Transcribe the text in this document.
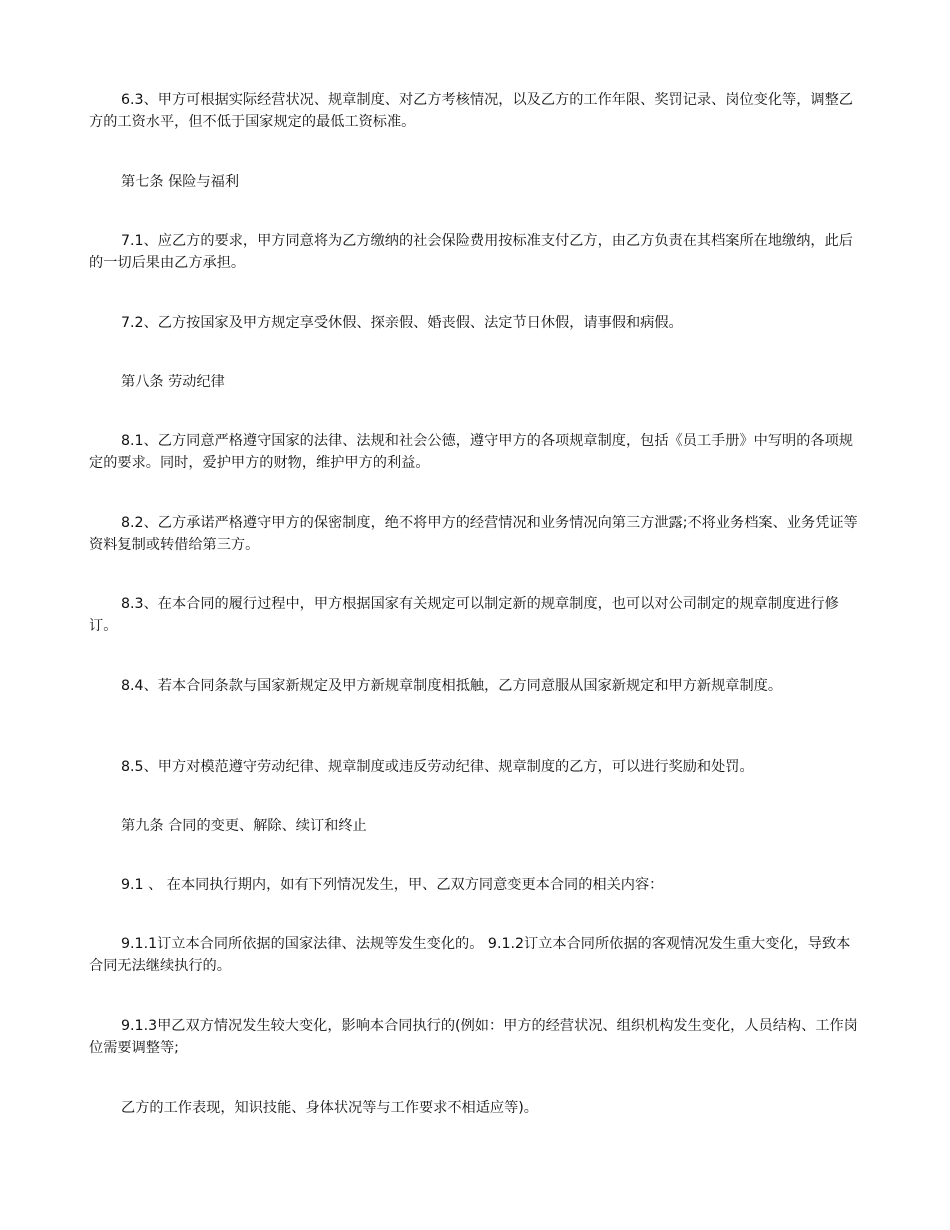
6.3、甲方可根据实际经营状况、规章制度、对乙方考核情况，以及乙方的工作年限、奖罚记录、岗位变化等，调整乙方的工资水平，但不低于国家规定的最低工资标准。

第七条 保险与福利

7.1、应乙方的要求，甲方同意将为乙方缴纳的社会保险费用按标准支付乙方，由乙方负责在其档案所在地缴纳，此后的一切后果由乙方承担。

7.2、乙方按国家及甲方规定享受休假、探亲假、婚丧假、法定节日休假，请事假和病假。

第八条 劳动纪律

8.1、乙方同意严格遵守国家的法律、法规和社会公德，遵守甲方的各项规章制度，包括《员工手册》中写明的各项规定的要求。同时，爱护甲方的财物，维护甲方的利益。

8.2、乙方承诺严格遵守甲方的保密制度，绝不将甲方的经营情况和业务情况向第三方泄露;不将业务档案、业务凭证等资料复制或转借给第三方。

8.3、在本合同的履行过程中，甲方根据国家有关规定可以制定新的规章制度，也可以对公司制定的规章制度进行修订。

8.4、若本合同条款与国家新规定及甲方新规章制度相抵触，乙方同意服从国家新规定和甲方新规章制度。

8.5、甲方对模范遵守劳动纪律、规章制度或违反劳动纪律、规章制度的乙方，可以进行奖励和处罚。

第九条 合同的变更、解除、续订和终止

9.1 、 在本同执行期内，如有下列情况发生，甲、乙双方同意变更本合同的相关内容：

9.1.1订立本合同所依据的国家法律、法规等发生变化的。 9.1.2订立本合同所依据的客观情况发生重大变化，导致本合同无法继续执行的。

9.1.3甲乙双方情况发生较大变化，影响本合同执行的(例如：甲方的经营状况、组织机构发生变化，人员结构、工作岗位需要调整等;

乙方的工作表现，知识技能、身体状况等与工作要求不相适应等)。
